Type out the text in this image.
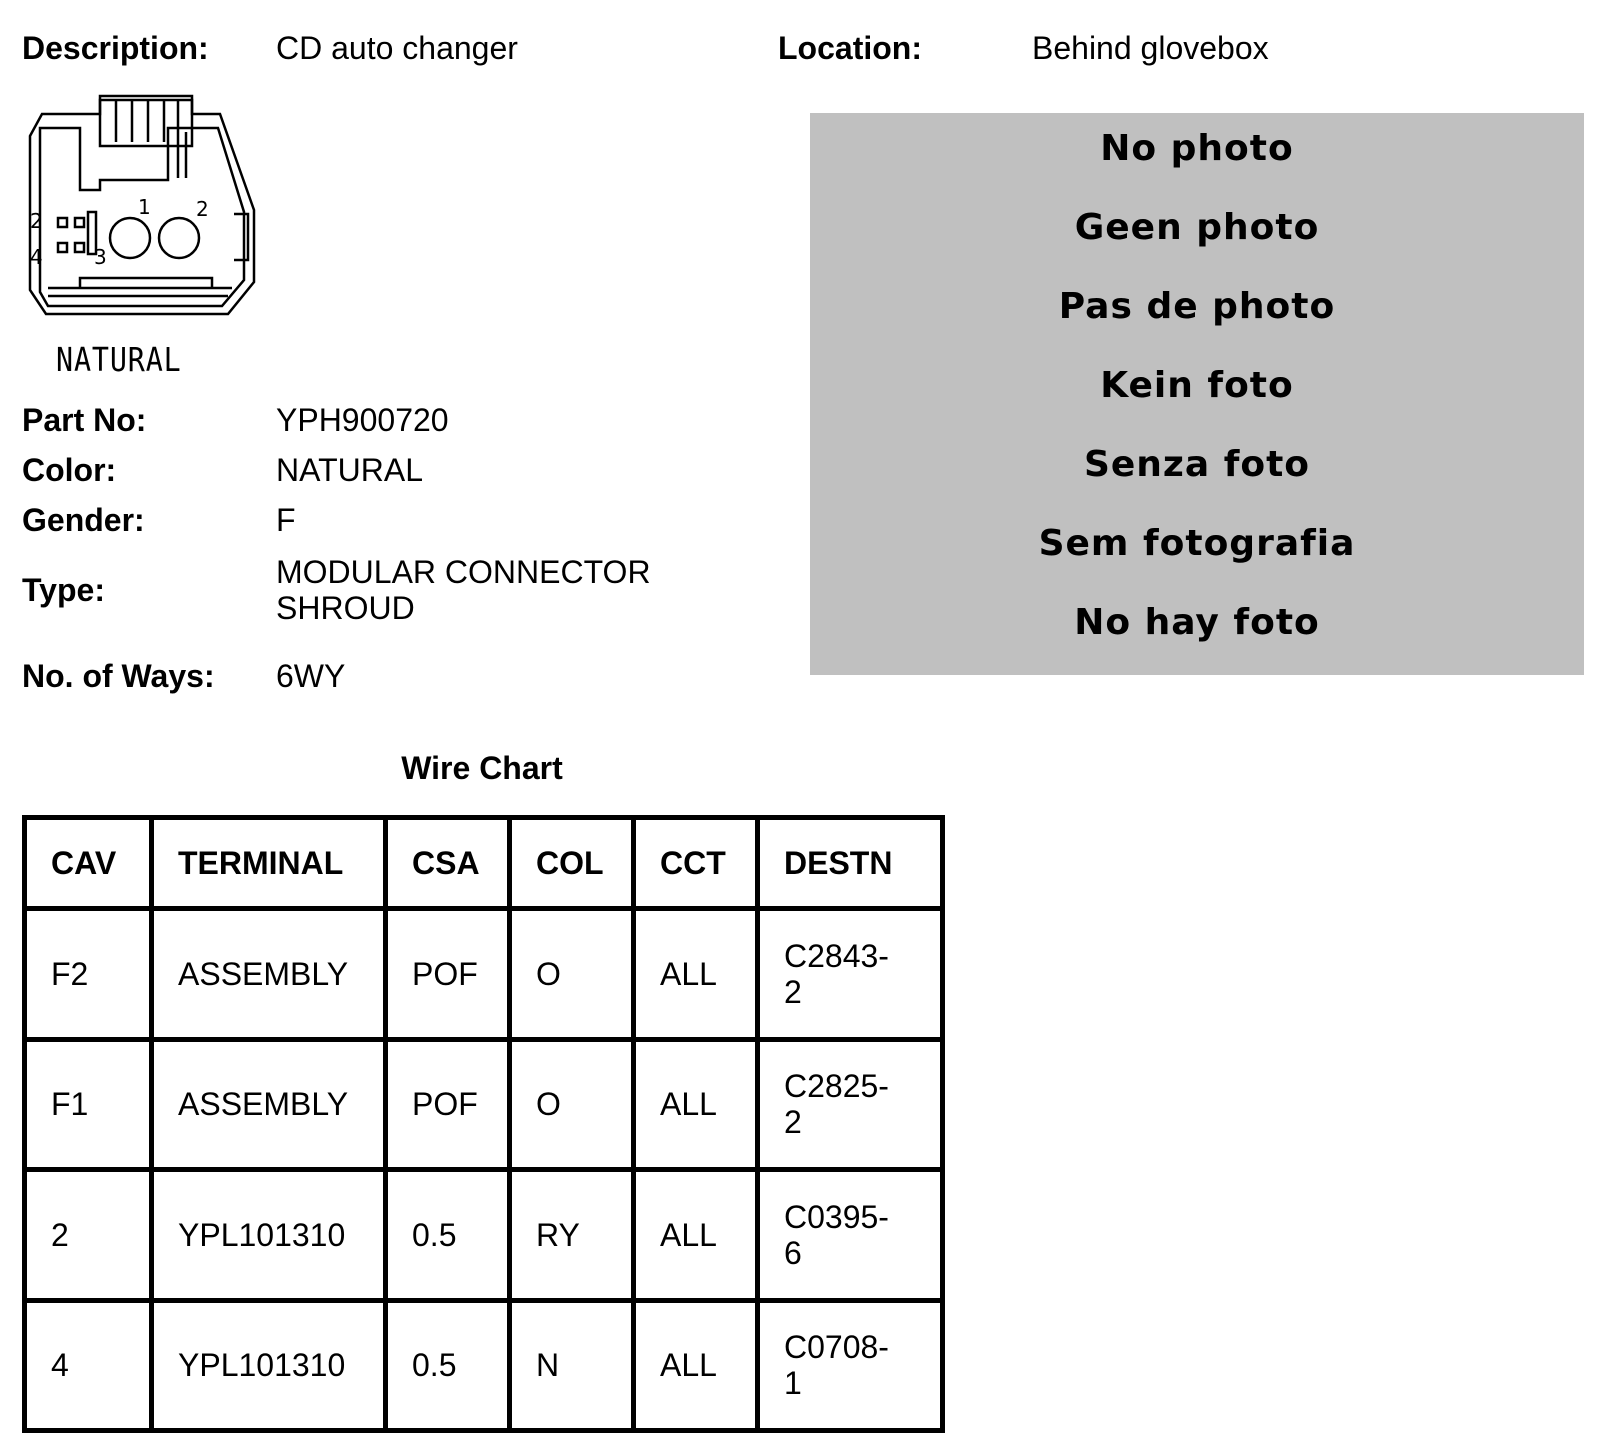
Description: CD auto changer	Location:	Behind glovebox
2
4	3
1 2
NATURAL
Part No:	YPH900720
Color:	NATURAL
Gender:	F
Type:	MODULAR CONNECTOR
SHROUD
No. of Ways: 6WY
No photo
Geen photo
Pas de photo
Kein foto
Senza foto
Sem fotografia
No hay foto
Wire Chart
CAV	TERMINAL	CSA	COL	CCT	DESTN
F2	ASSEMBLY	POF	O	ALL	C2843-
2
F1	ASSEMBLY	POF	O	ALL	C2825-
2
2	YPL101310	0.5	RY	ALL	C0395-
6
4	YPL101310	0.5	N	ALL	C0708-
1
